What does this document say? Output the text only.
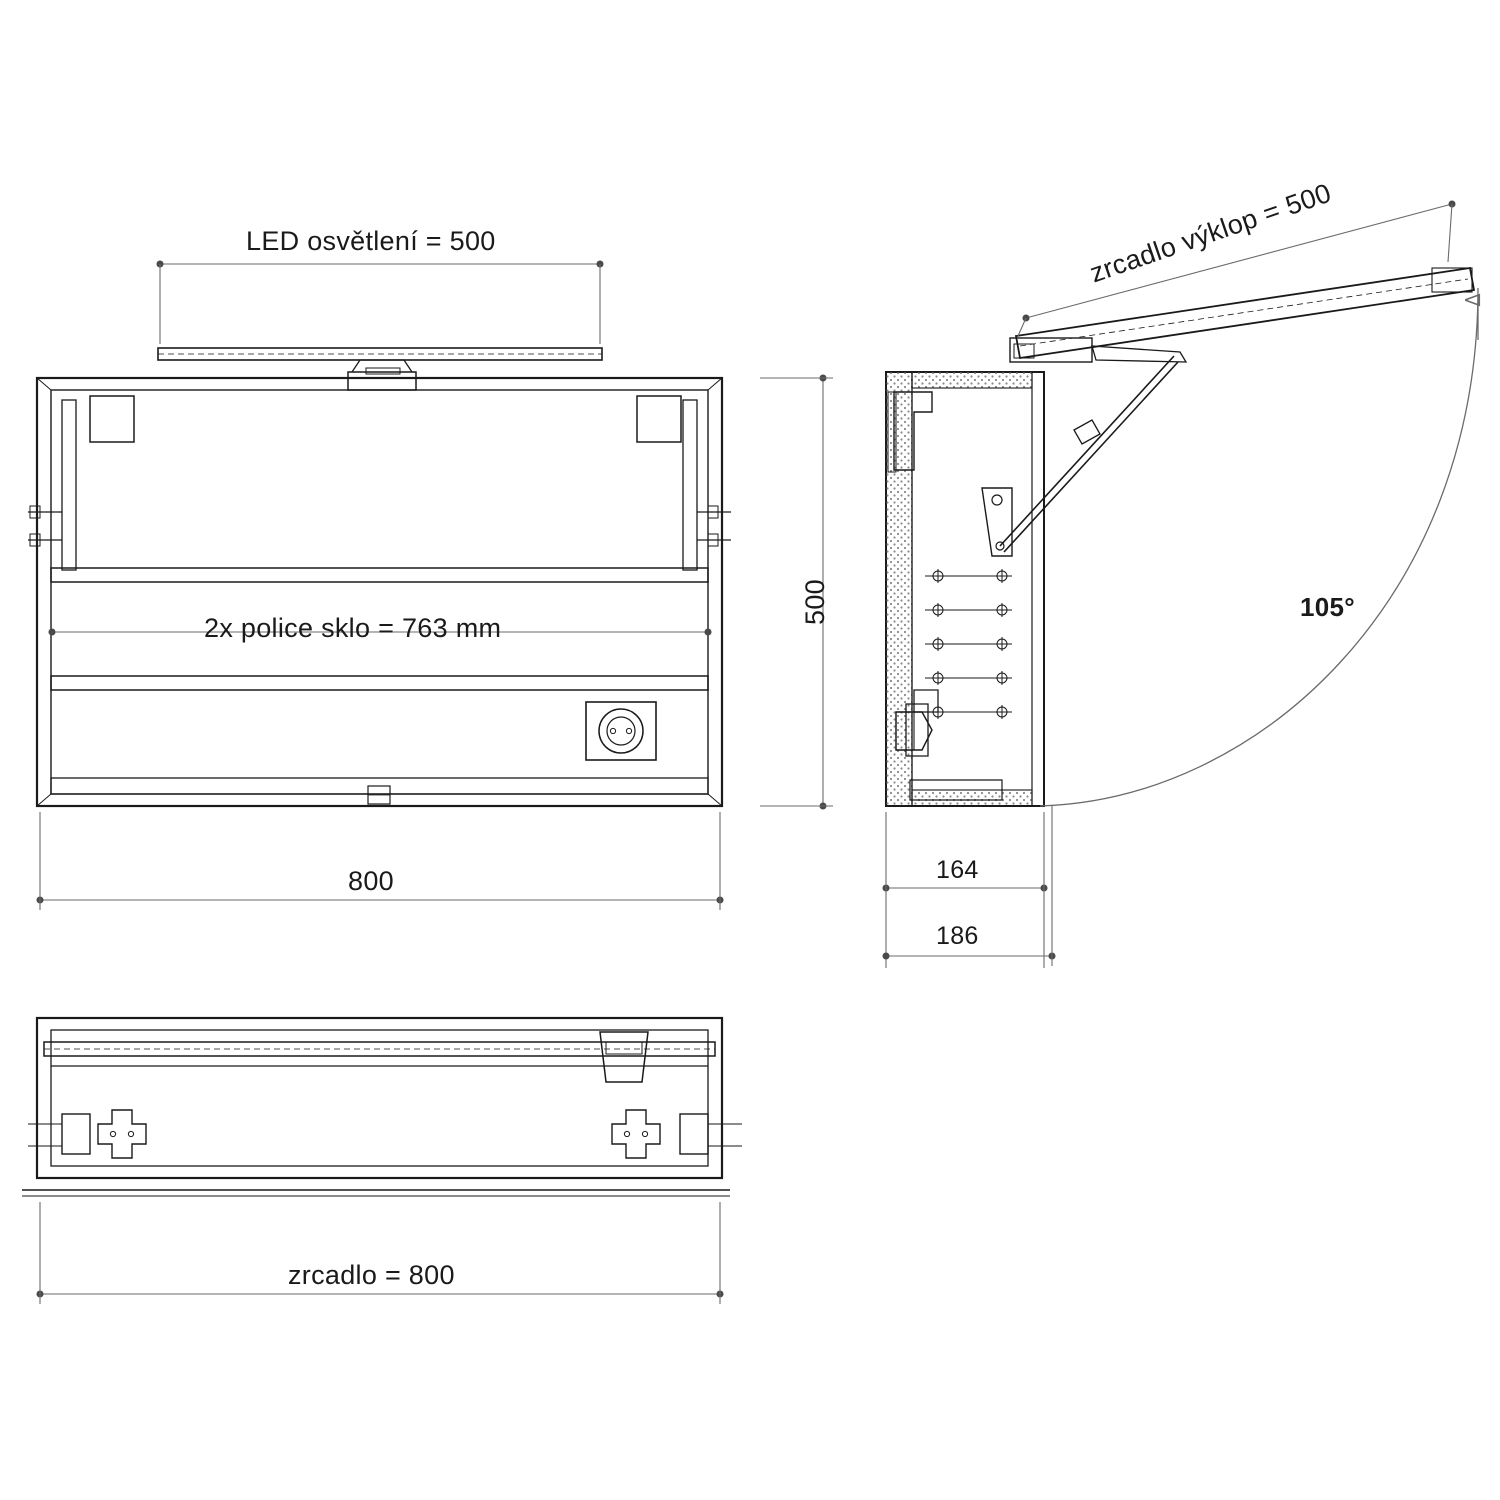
LED osvětlení = 500
2x police sklo = 763 mm
500
800
zrcadlo výklop = 500
105°
164
186
zrcadlo = 800
